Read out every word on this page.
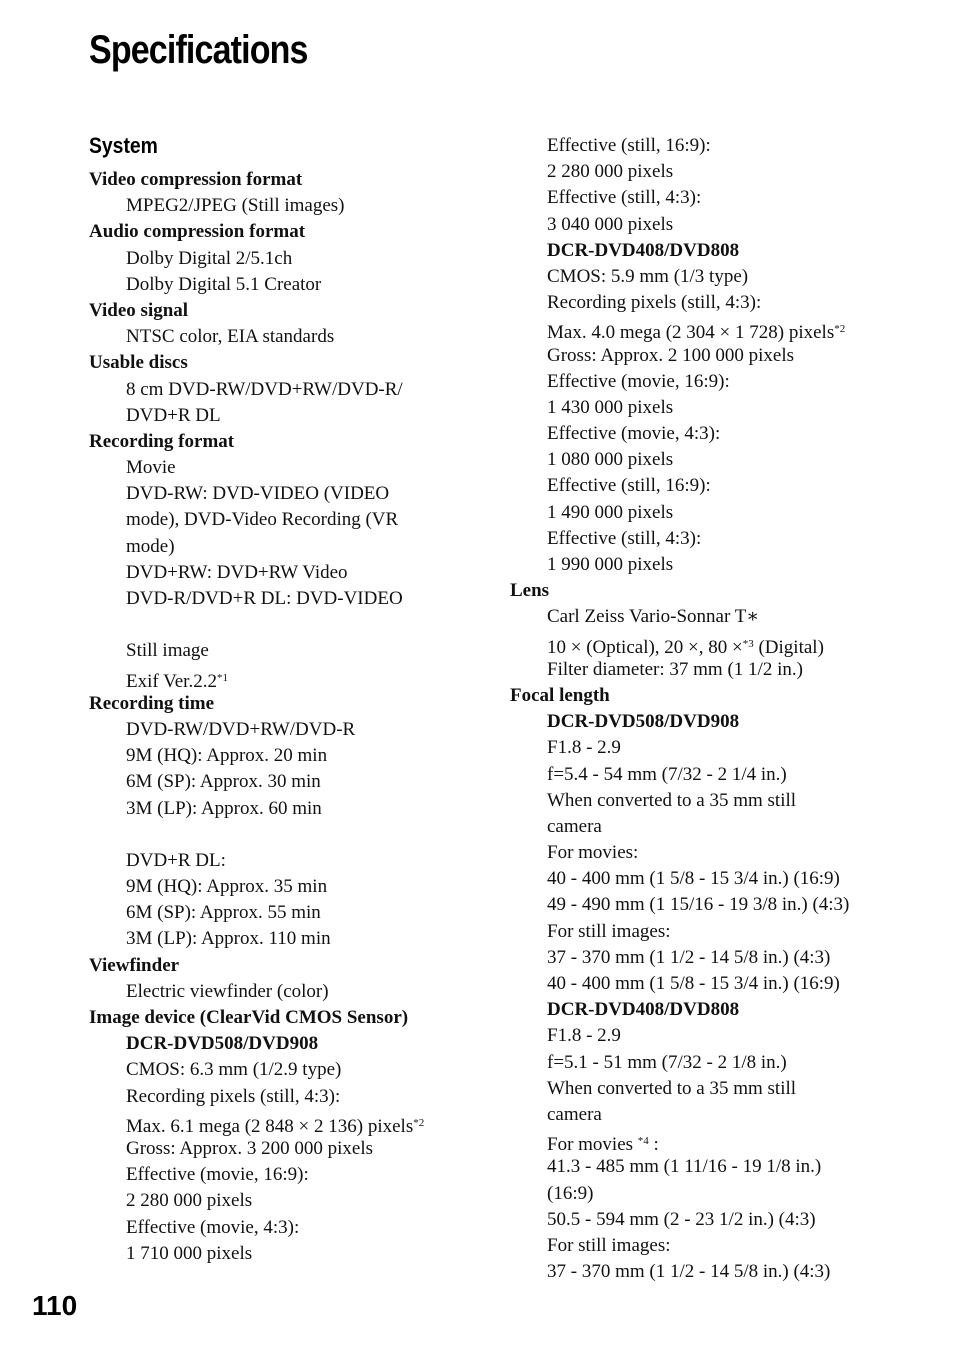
Specifications
System
Video compression format
MPEG2/JPEG (Still images)
Audio compression format
Dolby Digital 2/5.1ch
Dolby Digital 5.1 Creator
Video signal
NTSC color, EIA standards
Usable discs
8 cm DVD-RW/DVD+RW/DVD-R/
DVD+R DL
Recording format
Movie
DVD-RW: DVD-VIDEO (VIDEO
mode), DVD-Video Recording (VR
mode)
DVD+RW: DVD+RW Video
DVD-R/DVD+R DL: DVD-VIDEO
Still image
Exif Ver.2.2$^{*1}$
Recording time
DVD-RW/DVD+RW/DVD-R
9M (HQ): Approx. 20 min
6M (SP): Approx. 30 min
3M (LP): Approx. 60 min
DVD+R DL:
9M (HQ): Approx. 35 min
6M (SP): Approx. 55 min
3M (LP): Approx. 110 min
Viewfinder
Electric viewfinder (color)
Image device (ClearVid CMOS Sensor)
DCR-DVD508/DVD908
CMOS: 6.3 mm (1/2.9 type)
Recording pixels (still, 4:3):
Max. 6.1 mega (2 848 × 2 136) pixels$^{*2}$
Gross: Approx. 3 200 000 pixels
Effective (movie, 16:9):
2 280 000 pixels
Effective (movie, 4:3):
1 710 000 pixels
Effective (still, 16:9):
2 280 000 pixels
Effective (still, 4:3):
3 040 000 pixels
DCR-DVD408/DVD808
CMOS: 5.9 mm (1/3 type)
Recording pixels (still, 4:3):
Max. 4.0 mega (2 304 × 1 728) pixels$^{*2}$
Gross: Approx. 2 100 000 pixels
Effective (movie, 16:9):
1 430 000 pixels
Effective (movie, 4:3):
1 080 000 pixels
Effective (still, 16:9):
1 490 000 pixels
Effective (still, 4:3):
1 990 000 pixels
Lens
Carl Zeiss Vario-Sonnar T∗
10 × (Optical), 20 ×, 80 ×$^{*3}$ (Digital)
Filter diameter: 37 mm (1 1/2 in.)
Focal length
DCR-DVD508/DVD908
F1.8 - 2.9
f=5.4 - 54 mm (7/32 - 2 1/4 in.)
When converted to a 35 mm still
camera
For movies:
40 - 400 mm (1 5/8 - 15 3/4 in.) (16:9)
49 - 490 mm (1 15/16 - 19 3/8 in.) (4:3)
For still images:
37 - 370 mm (1 1/2 - 14 5/8 in.) (4:3)
40 - 400 mm (1 5/8 - 15 3/4 in.) (16:9)
DCR-DVD408/DVD808
F1.8 - 2.9
f=5.1 - 51 mm (7/32 - 2 1/8 in.)
When converted to a 35 mm still
camera
For movies $^{*4}$ :
41.3 - 485 mm (1 11/16 - 19 1/8 in.)
(16:9)
50.5 - 594 mm (2 - 23 1/2 in.) (4:3)
For still images:
37 - 370 mm (1 1/2 - 14 5/8 in.) (4:3)
110
